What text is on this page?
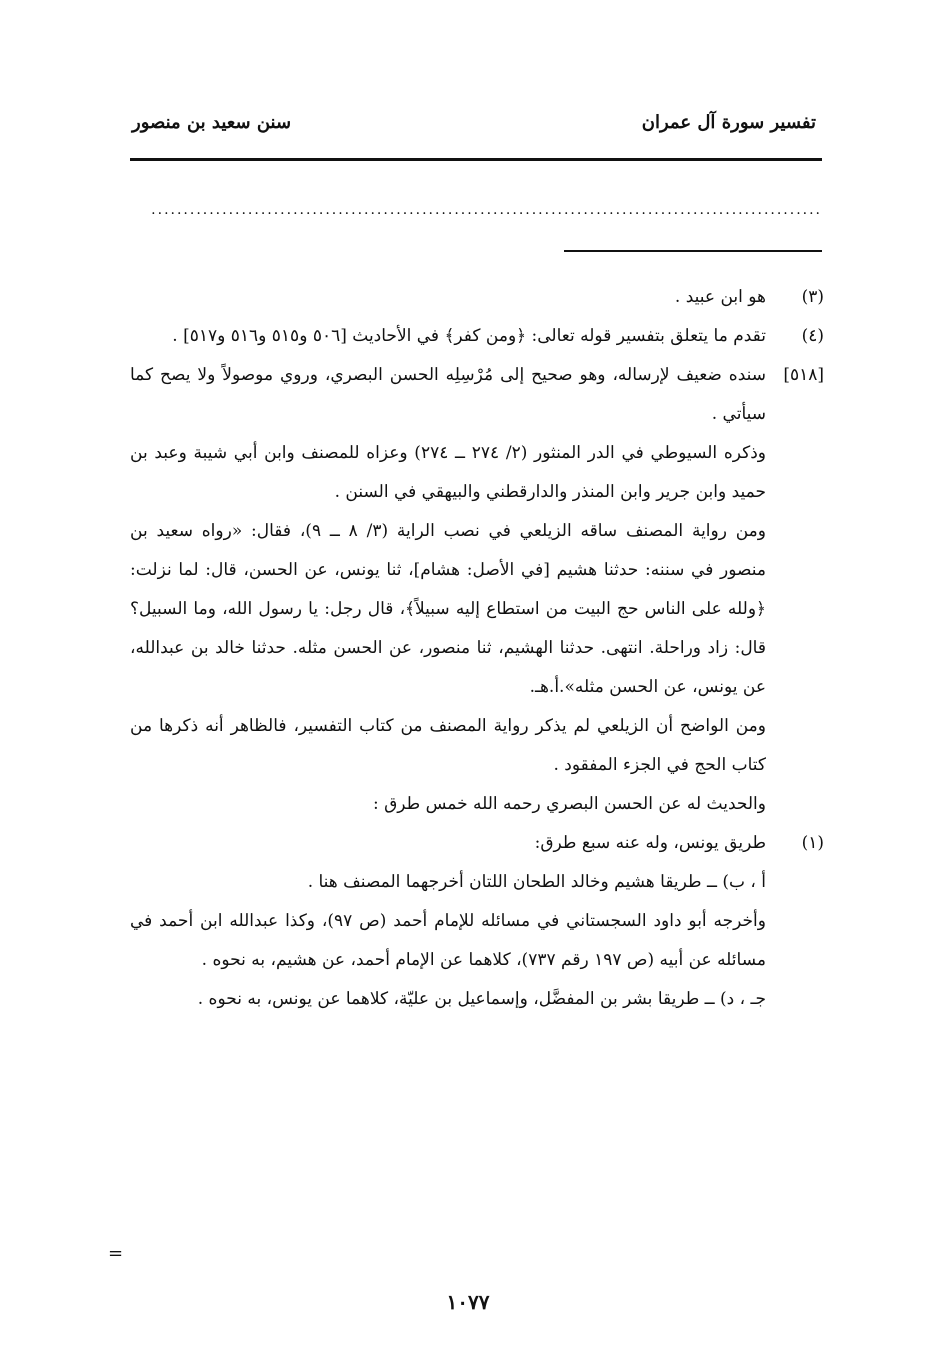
تفسير سورة آل عمران
سنن سعيد بن منصور
........................................................................................................
(٣)
هو ابن عبيد .
(٤)
تقدم ما يتعلق بتفسير قوله تعالى: ﴿ومن كفر﴾ في الأحاديث [٥٠٦ و٥١٥ و٥١٦ و٥١٧] .
[٥١٨]
سنده ضعيف لإرساله، وهو صحيح إلى مُرْسِلِه الحسن البصري، وروي موصولاً ولا يصح كما سيأتي .
وذكره السيوطي في الدر المنثور (٢/ ٢٧٤ ــ ٢٧٤) وعزاه للمصنف وابن أبي شيبة وعبد بن حميد وابن جرير وابن المنذر والدارقطني والبيهقي في السنن .
ومن رواية المصنف ساقه الزيلعي في نصب الراية (٣/ ٨ ــ ٩)، فقال: «رواه سعيد بن منصور في سننه: حدثنا هشيم [في الأصل: هشام]، ثنا يونس، عن الحسن، قال: لما نزلت: ﴿ولله على الناس حج البيت من استطاع إليه سبيلاً﴾، قال رجل: يا رسول الله، وما السبيل؟ قال: زاد وراحلة. انتهى. حدثنا الهشيم، ثنا منصور، عن الحسن مثله. حدثنا خالد بن عبدالله، عن يونس، عن الحسن مثله».أ.هـ.
ومن الواضح أن الزيلعي لم يذكر رواية المصنف من كتاب التفسير، فالظاهر أنه ذكرها من كتاب الحج في الجزء المفقود .
والحديث له عن الحسن البصري رحمه الله خمس طرق :
(١)
طريق يونس، وله عنه سبع طرق:
أ ، ب) ــ طريقا هشيم وخالد الطحان اللتان أخرجهما المصنف هنا .
وأخرجه أبو داود السجستاني في مسائله للإمام أحمد (ص ٩٧)، وكذا عبدالله ابن أحمد في مسائله عن أبيه (ص ١٩٧ رقم ٧٣٧)، كلاهما عن الإمام أحمد، عن هشيم، به نحوه .
جـ ، د) ــ طريقا بشر بن المفضَّل، وإسماعيل بن عليّة، كلاهما عن يونس، به نحوه .
=
١٠٧٧
